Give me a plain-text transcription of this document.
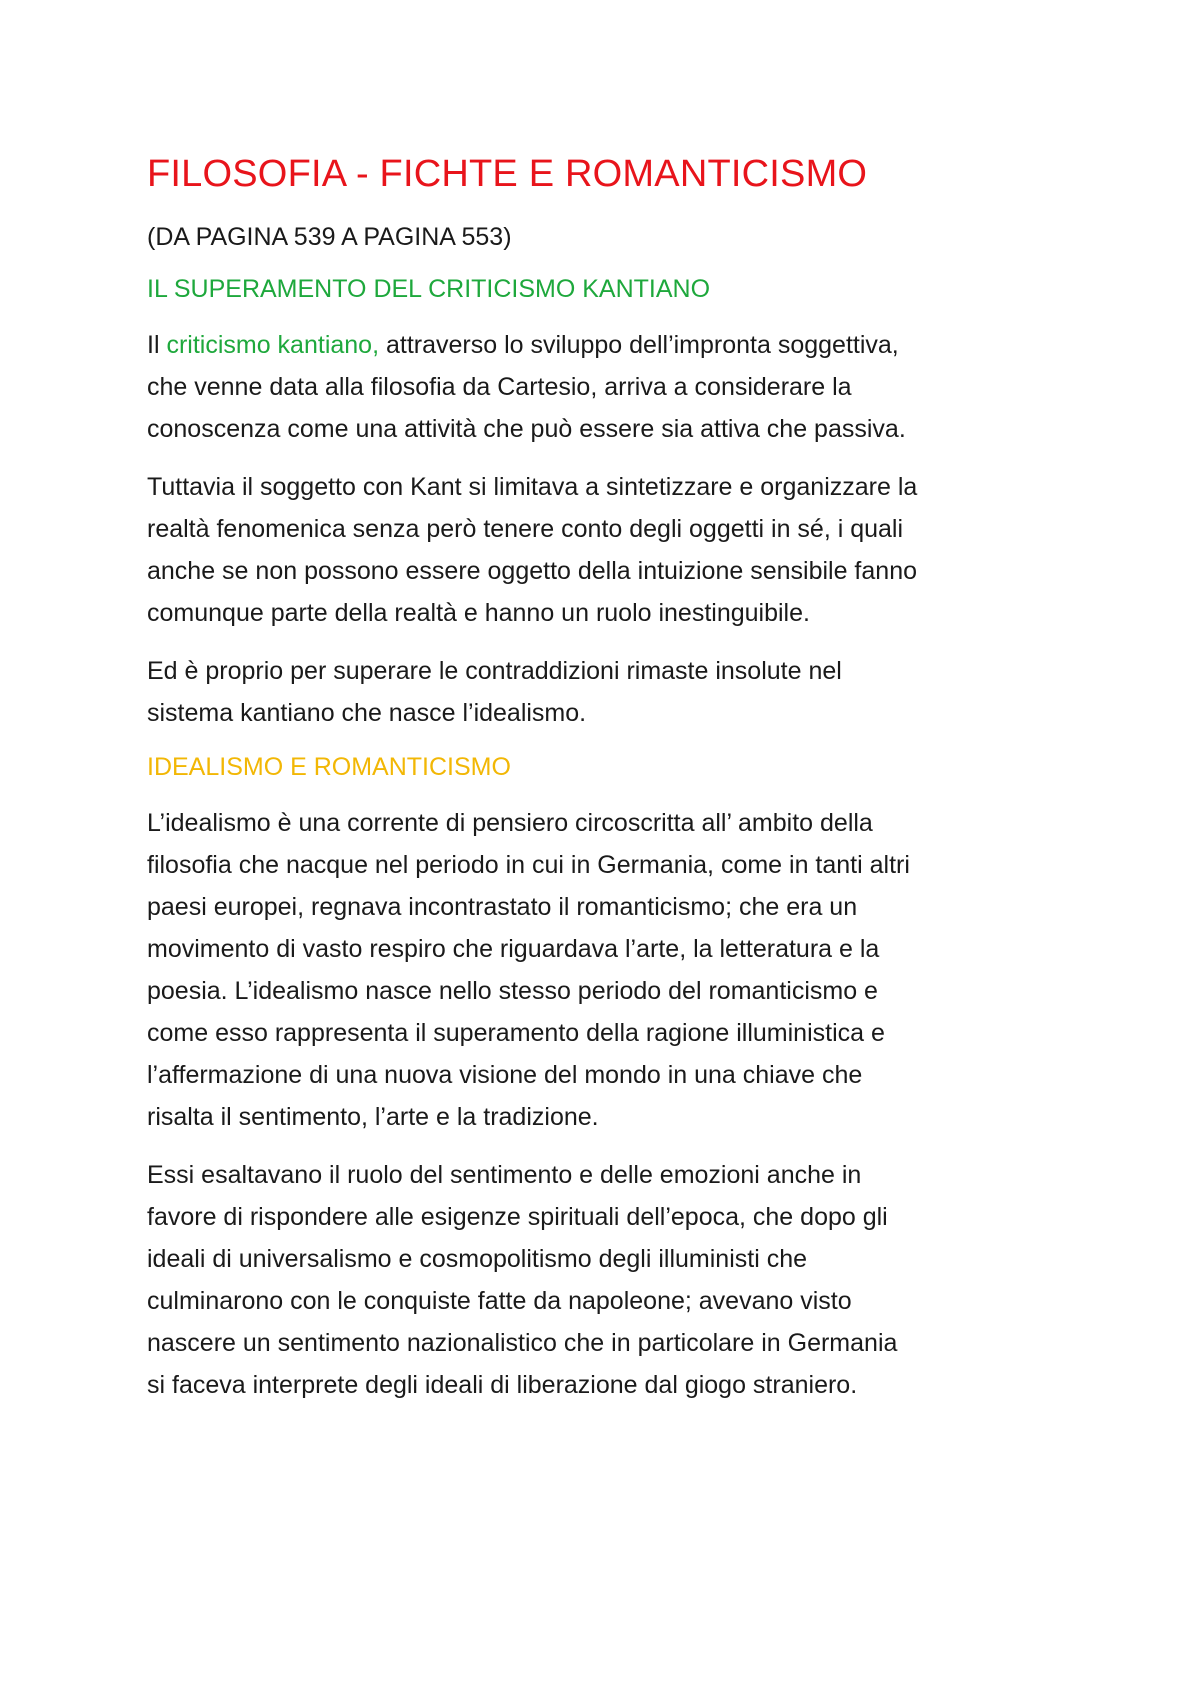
FILOSOFIA - FICHTE E ROMANTICISMO
(DA PAGINA 539 A PAGINA 553)
IL SUPERAMENTO DEL CRITICISMO KANTIANO

Il criticismo kantiano, attraverso lo sviluppo dell’impronta soggettiva,
che venne data alla filosofia da Cartesio, arriva a considerare la
conoscenza come una attività che può essere sia attiva che passiva.

Tuttavia il soggetto con Kant si limitava a sintetizzare e organizzare la
realtà fenomenica senza però tenere conto degli oggetti in sé, i quali
anche se non possono essere oggetto della intuizione sensibile fanno
comunque parte della realtà e hanno un ruolo inestinguibile.

Ed è proprio per superare le contraddizioni rimaste insolute nel
sistema kantiano che nasce l’idealismo.

IDEALISMO E ROMANTICISMO

L’idealismo è una corrente di pensiero circoscritta all’ ambito della
filosofia che nacque nel periodo in cui in Germania, come in tanti altri
paesi europei, regnava incontrastato il romanticismo; che era un
movimento di vasto respiro che riguardava l’arte, la letteratura e la
poesia. L’idealismo nasce nello stesso periodo del romanticismo e
come esso rappresenta il superamento della ragione illuministica e
l’affermazione di una nuova visione del mondo in una chiave che
risalta il sentimento, l’arte e la tradizione.

Essi esaltavano il ruolo del sentimento e delle emozioni anche in
favore di rispondere alle esigenze spirituali dell’epoca, che dopo gli
ideali di universalismo e cosmopolitismo degli illuministi che
culminarono con le conquiste fatte da napoleone; avevano visto
nascere un sentimento nazionalistico che in particolare in Germania
si faceva interprete degli ideali di liberazione dal giogo straniero.
